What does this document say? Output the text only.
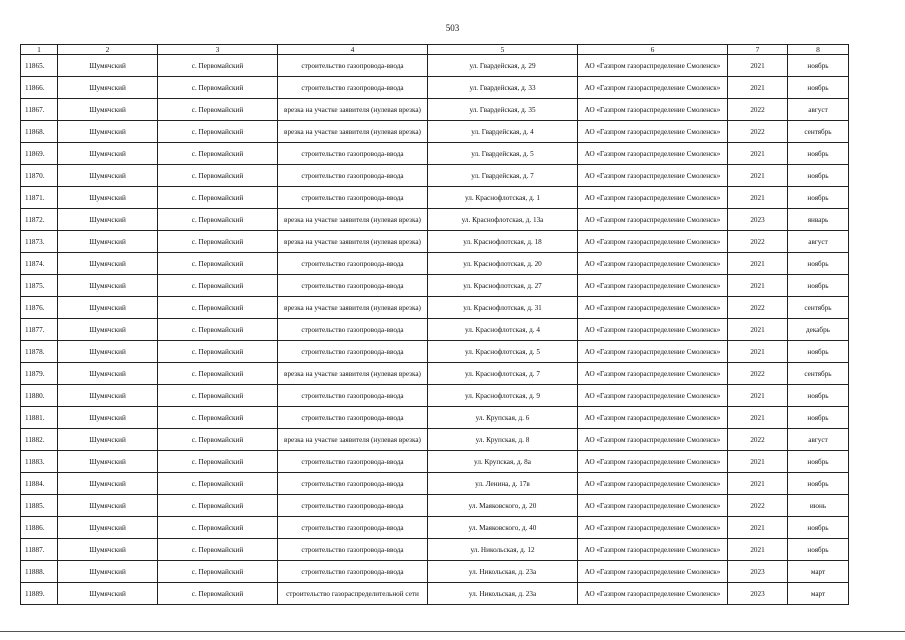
503
1	2	3	4	5	6	7	8
11865.	Шумячский	с. Первомайский	строительство газопровода-ввода	ул. Гвардейская, д. 29	АО «Газпром газораспределение Смоленск»	2021	ноябрь
11866.	Шумячский	с. Первомайский	строительство газопровода-ввода	ул. Гвардейская, д. 33	АО «Газпром газораспределение Смоленск»	2021	ноябрь
11867.	Шумячский	с. Первомайский	врезка на участке заявителя (нулевая врезка)	ул. Гвардейская, д. 35	АО «Газпром газораспределение Смоленск»	2022	август
11868.	Шумячский	с. Первомайский	врезка на участке заявителя (нулевая врезка)	ул. Гвардейская, д. 4	АО «Газпром газораспределение Смоленск»	2022	сентябрь
11869.	Шумячский	с. Первомайский	строительство газопровода-ввода	ул. Гвардейская, д. 5	АО «Газпром газораспределение Смоленск»	2021	ноябрь
11870.	Шумячский	с. Первомайский	строительство газопровода-ввода	ул. Гвардейская, д. 7	АО «Газпром газораспределение Смоленск»	2021	ноябрь
11871.	Шумячский	с. Первомайский	строительство газопровода-ввода	ул. Краснофлотская, д. 1	АО «Газпром газораспределение Смоленск»	2021	ноябрь
11872.	Шумячский	с. Первомайский	врезка на участке заявителя (нулевая врезка)	ул. Краснофлотская, д. 13а	АО «Газпром газораспределение Смоленск»	2023	январь
11873.	Шумячский	с. Первомайский	врезка на участке заявителя (нулевая врезка)	ул. Краснофлотская, д. 18	АО «Газпром газораспределение Смоленск»	2022	август
11874.	Шумячский	с. Первомайский	строительство газопровода-ввода	ул. Краснофлотская, д. 20	АО «Газпром газораспределение Смоленск»	2021	ноябрь
11875.	Шумячский	с. Первомайский	строительство газопровода-ввода	ул. Краснофлотская, д. 27	АО «Газпром газораспределение Смоленск»	2021	ноябрь
11876.	Шумячский	с. Первомайский	врезка на участке заявителя (нулевая врезка)	ул. Краснофлотская, д. 31	АО «Газпром газораспределение Смоленск»	2022	сентябрь
11877.	Шумячский	с. Первомайский	строительство газопровода-ввода	ул. Краснофлотская, д. 4	АО «Газпром газораспределение Смоленск»	2021	декабрь
11878.	Шумячский	с. Первомайский	строительство газопровода-ввода	ул. Краснофлотская, д. 5	АО «Газпром газораспределение Смоленск»	2021	ноябрь
11879.	Шумячский	с. Первомайский	врезка на участке заявителя (нулевая врезка)	ул. Краснофлотская, д. 7	АО «Газпром газораспределение Смоленск»	2022	сентябрь
11880.	Шумячский	с. Первомайский	строительство газопровода-ввода	ул. Краснофлотская, д. 9	АО «Газпром газораспределение Смоленск»	2021	ноябрь
11881.	Шумячский	с. Первомайский	строительство газопровода-ввода	ул. Крупская, д. 6	АО «Газпром газораспределение Смоленск»	2021	ноябрь
11882.	Шумячский	с. Первомайский	врезка на участке заявителя (нулевая врезка)	ул. Крупская, д. 8	АО «Газпром газораспределение Смоленск»	2022	август
11883.	Шумячский	с. Первомайский	строительство газопровода-ввода	ул. Крупская, д. 8а	АО «Газпром газораспределение Смоленск»	2021	ноябрь
11884.	Шумячский	с. Первомайский	строительство газопровода-ввода	ул. Ленина, д. 17в	АО «Газпром газораспределение Смоленск»	2021	ноябрь
11885.	Шумячский	с. Первомайский	строительство газопровода-ввода	ул. Маяковского, д. 20	АО «Газпром газораспределение Смоленск»	2022	июнь
11886.	Шумячский	с. Первомайский	строительство газопровода-ввода	ул. Маяковского, д. 40	АО «Газпром газораспределение Смоленск»	2021	ноябрь
11887.	Шумячский	с. Первомайский	строительство газопровода-ввода	ул. Никольская, д. 12	АО «Газпром газораспределение Смоленск»	2021	ноябрь
11888.	Шумячский	с. Первомайский	строительство газопровода-ввода	ул. Никольская, д. 23а	АО «Газпром газораспределение Смоленск»	2023	март
11889.	Шумячский	с. Первомайский	строительство газораспределительной сети	ул. Никольская, д. 23а	АО «Газпром газораспределение Смоленск»	2023	март
